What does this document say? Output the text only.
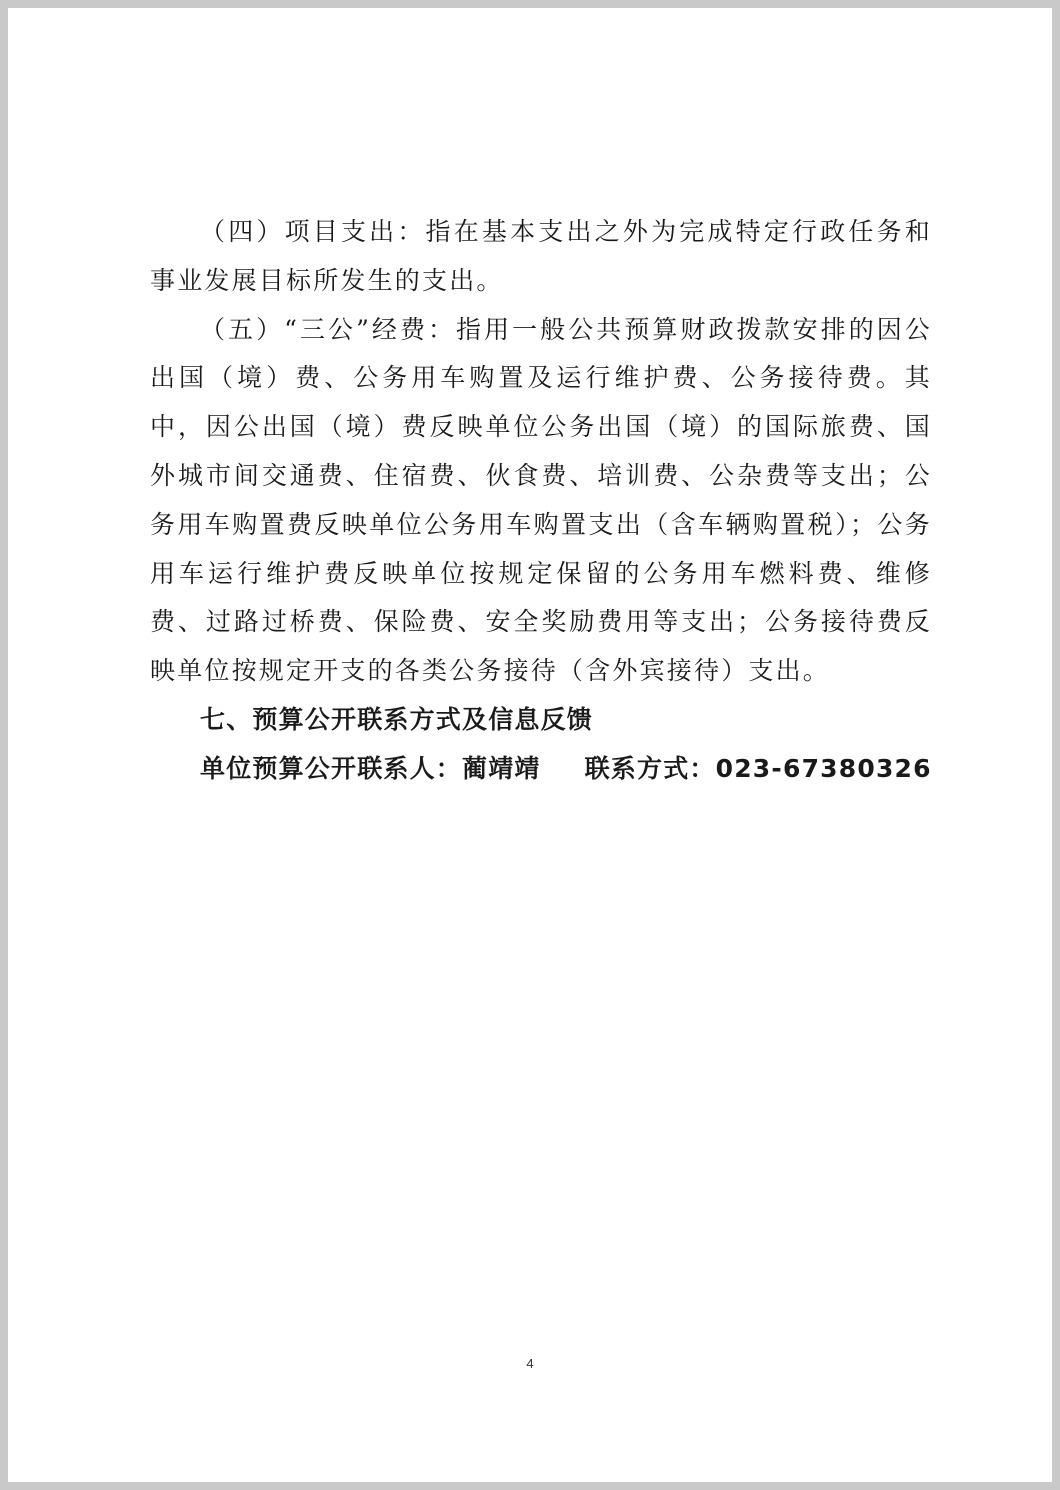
（四）项目支出：指在基本支出之外为完成特定行政任务和事业发展目标所发生的支出。

（五）“三公”经费：指用一般公共预算财政拨款安排的因公出国（境）费、公务用车购置及运行维护费、公务接待费。其中，因公出国（境）费反映单位公务出国（境）的国际旅费、国外城市间交通费、住宿费、伙食费、培训费、公杂费等支出；公务用车购置费反映单位公务用车购置支出（含车辆购置税）；公务用车运行维护费反映单位按规定保留的公务用车燃料费、维修费、过路过桥费、保险费、安全奖励费用等支出；公务接待费反映单位按规定开支的各类公务接待（含外宾接待）支出。

七、预算公开联系方式及信息反馈

单位预算公开联系人：蔺靖靖 联系方式：023-67380326

4
